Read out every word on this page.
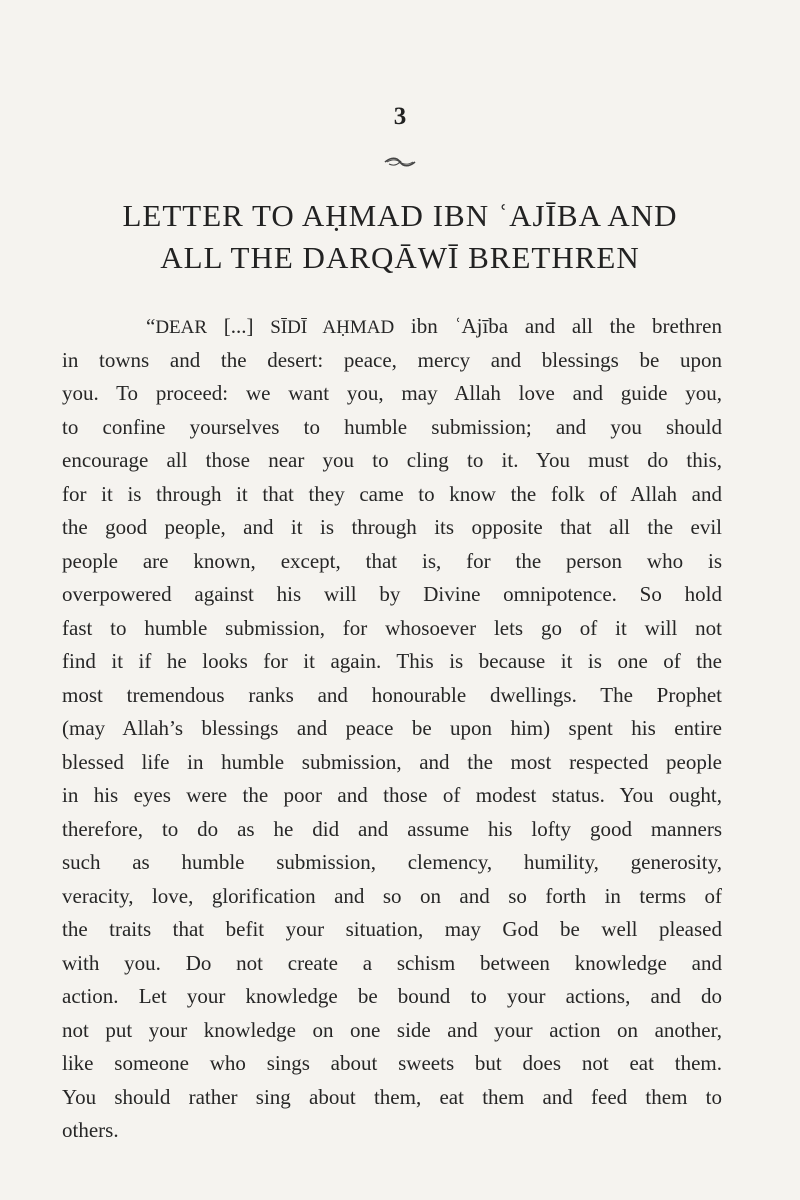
3
LETTER TO AḤMAD IBN ʿAJĪBA AND
ALL THE DARQĀWĪ BRETHREN
“DEAR [...] SĪDĪ AḤMAD ibn ʿAjība and all the brethren
in towns and the desert: peace, mercy and blessings be upon
you. To proceed: we want you, may Allah love and guide you,
to confine yourselves to humble submission; and you should
encourage all those near you to cling to it. You must do this,
for it is through it that they came to know the folk of Allah and
the good people, and it is through its opposite that all the evil
people are known, except, that is, for the person who is
overpowered against his will by Divine omnipotence. So hold
fast to humble submission, for whosoever lets go of it will not
find it if he looks for it again. This is because it is one of the
most tremendous ranks and honourable dwellings. The Prophet
(may Allah’s blessings and peace be upon him) spent his entire
blessed life in humble submission, and the most respected people
in his eyes were the poor and those of modest status. You ought,
therefore, to do as he did and assume his lofty good manners
such as humble submission, clemency, humility, generosity,
veracity, love, glorification and so on and so forth in terms of
the traits that befit your situation, may God be well pleased
with you. Do not create a schism between knowledge and
action. Let your knowledge be bound to your actions, and do
not put your knowledge on one side and your action on another,
like someone who sings about sweets but does not eat them.
You should rather sing about them, eat them and feed them to
others.
